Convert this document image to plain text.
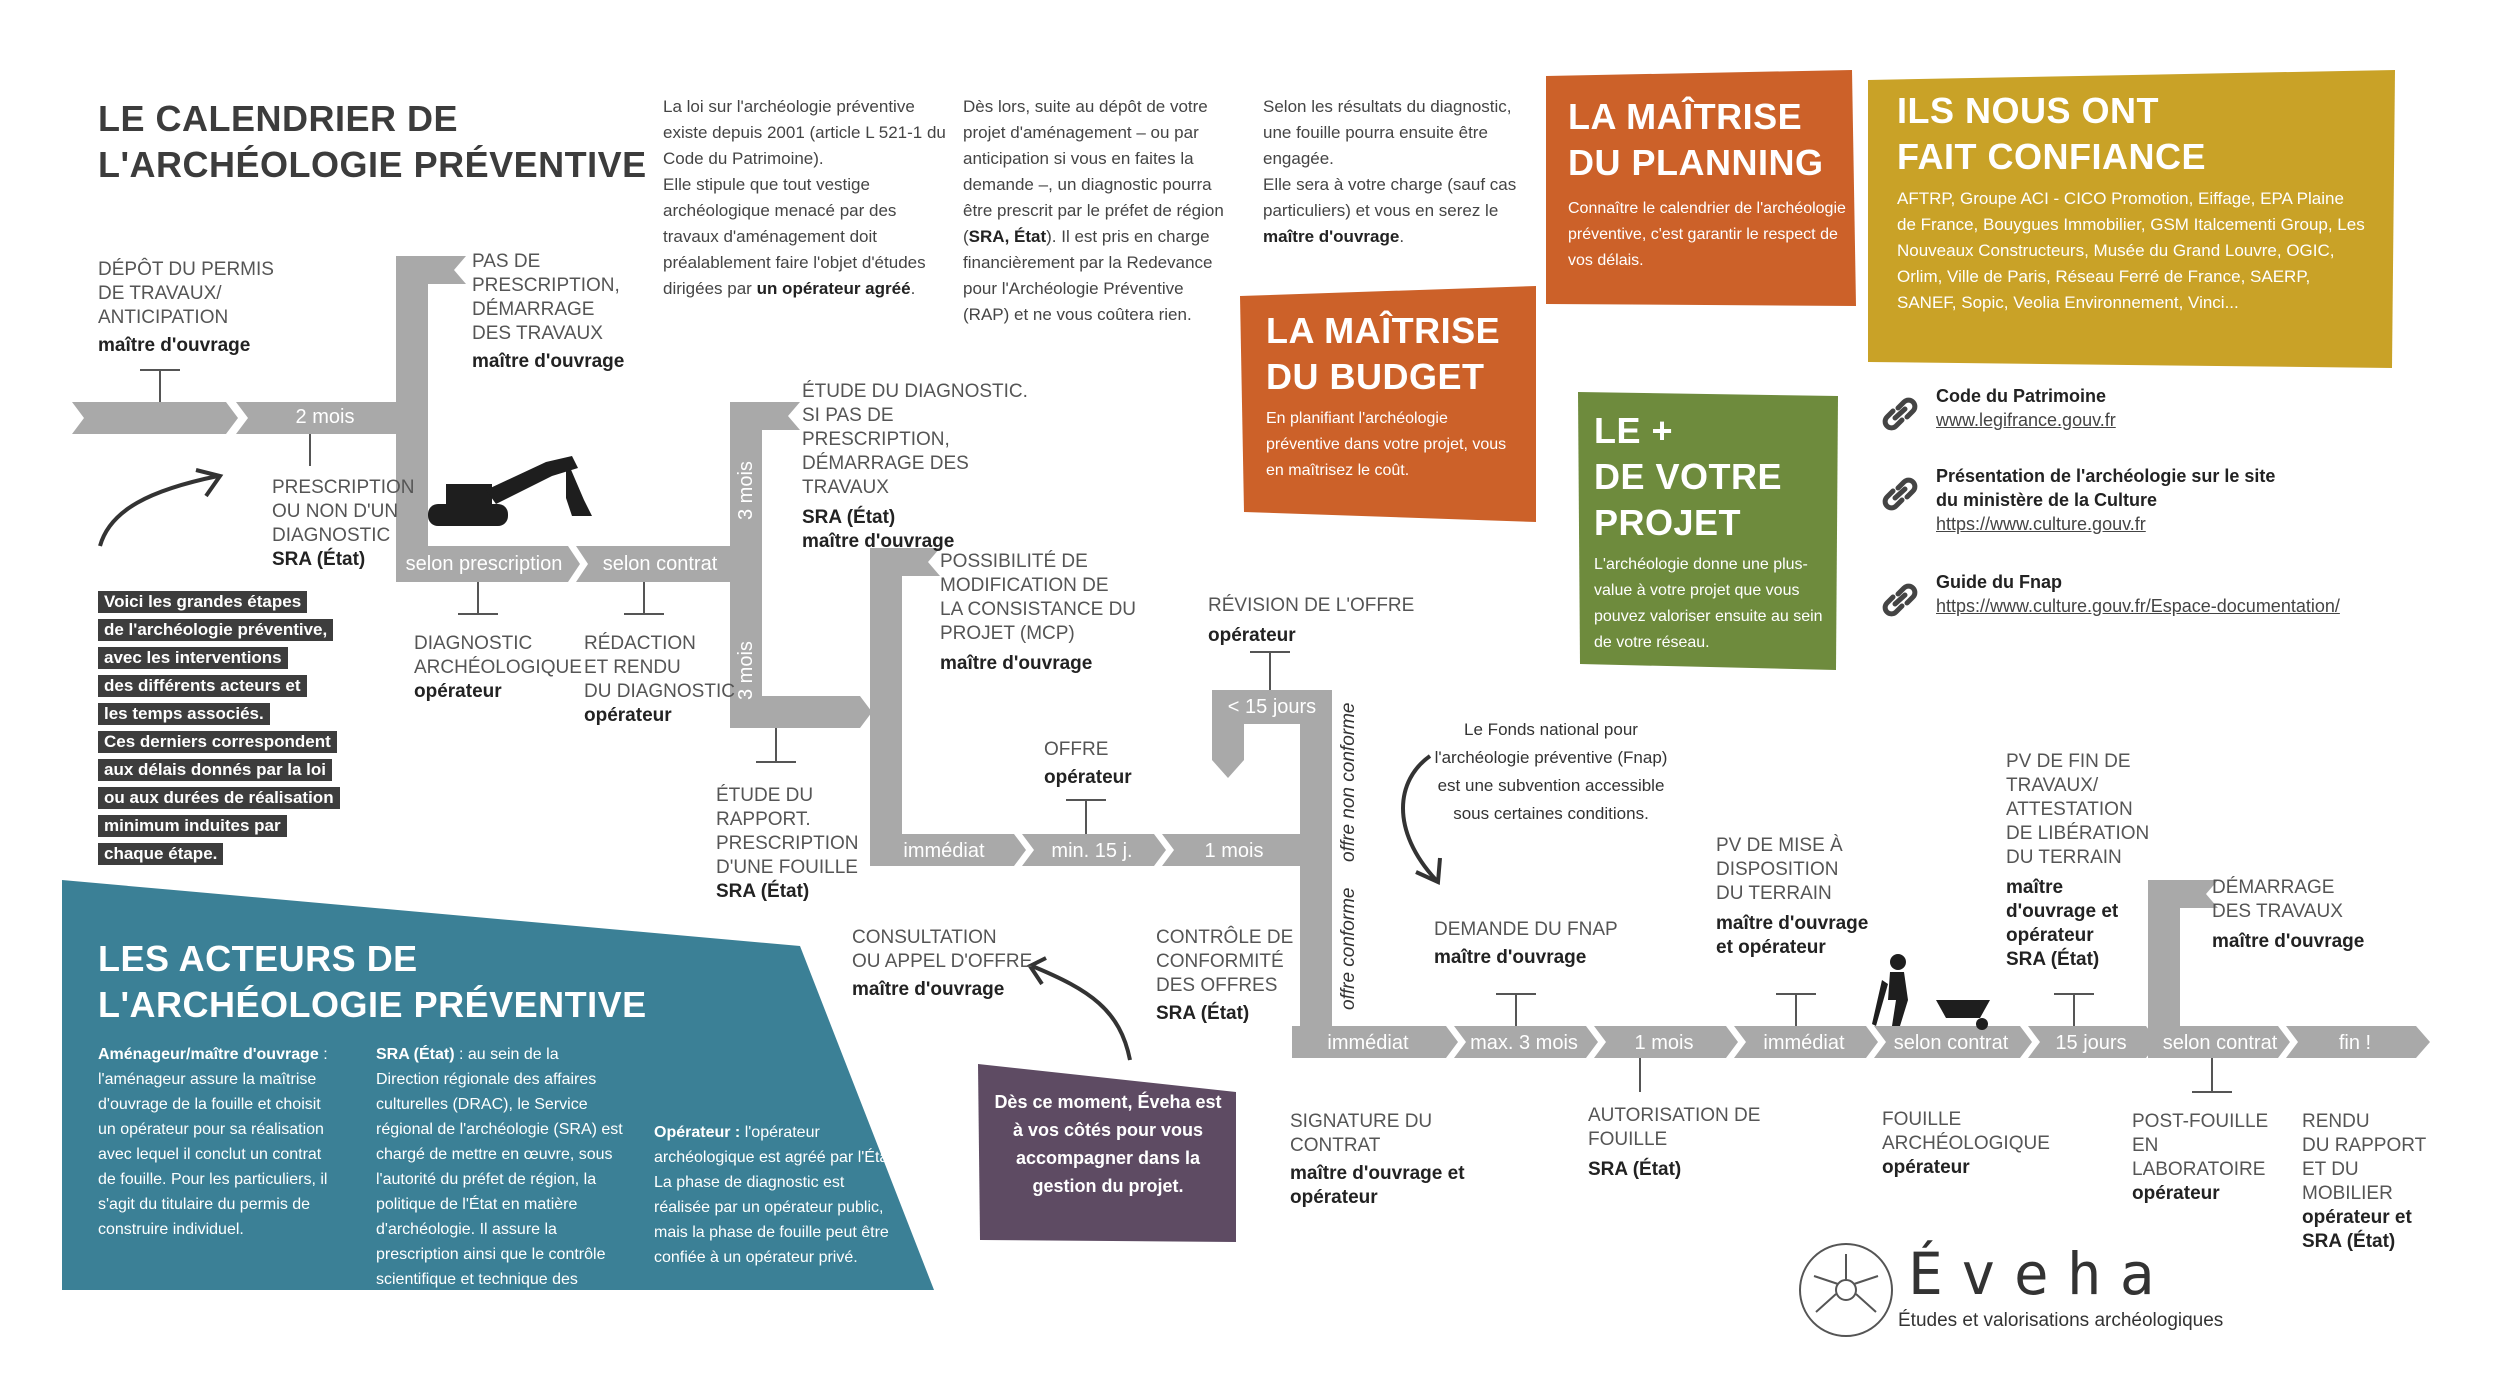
LE CALENDRIER DE
L'ARCHÉOLOGIE PRÉVENTIVE
La loi sur l'archéologie préventive existe depuis 2001 (article L 521-1 du Code du Patrimoine).
Elle stipule que tout vestige archéologique menacé par des travaux d'aménagement doit préalablement faire l'objet d'études dirigées par un opérateur agréé.
Dès lors, suite au dépôt de votre projet d'aménagement – ou par anticipation si vous en faites la demande –, un diagnostic pourra être prescrit par le préfet de région (SRA, État). Il est pris en charge financièrement par la Redevance pour l'Archéologie Préventive (RAP) et ne vous coûtera rien.
Selon les résultats du diagnostic, une fouille pourra ensuite être engagée.
Elle sera à votre charge (sauf cas particuliers) et vous en serez le maître d'ouvrage.
LA MAÎTRISE
DU PLANNING
Connaître le calendrier de l'archéologie préventive, c'est garantir le respect de vos délais.
ILS NOUS ONT
FAIT CONFIANCE
AFTRP, Groupe ACI - CICO Promotion, Eiffage, EPA Plaine de France, Bouygues Immobilier, GSM Italcementi Group, Les Nouveaux Constructeurs, Musée du Grand Louvre, OGIC, Orlim, Ville de Paris, Réseau Ferré de France, SAERP, SANEF, Sopic, Veolia Environnement, Vinci...
LA MAÎTRISE
DU BUDGET
En planifiant l'archéologie préventive dans votre projet, vous en maîtrisez le coût.
LE +
DE VOTRE
PROJET
L'archéologie donne une plus-value à votre projet que vous pouvez valoriser ensuite au sein de votre réseau.
Code du Patrimoine
www.legifrance.gouv.fr
Présentation de l'archéologie sur le site
du ministère de la Culture
https://www.culture.gouv.fr
Guide du Fnap
https://www.culture.gouv.fr/Espace-documentation/
2 mois
selon prescription	selon contrat
3 mois
3 mois
immédiat	min. 15 j.	1 mois
< 15 jours	offre non conforme
offre conforme
immédiat	max. 3 mois	1 mois	immédiat	selon contrat	15 jours	selon contrat	fin !
DÉPÔT DU PERMIS
DE TRAVAUX/
ANTICIPATION
maître d'ouvrage
PAS DE
PRESCRIPTION,
DÉMARRAGE
DES TRAVAUX
maître d'ouvrage
PRESCRIPTION
OU NON D'UN
DIAGNOSTIC
SRA (État)
DIAGNOSTIC
ARCHÉOLOGIQUE
opérateur
RÉDACTION
ET RENDU
DU DIAGNOSTIC
opérateur
ÉTUDE DU DIAGNOSTIC.
SI PAS DE PRESCRIPTION,
DÉMARRAGE DES
TRAVAUX
SRA (État)
maître d'ouvrage
ÉTUDE DU
RAPPORT.
PRESCRIPTION
D'UNE FOUILLE
SRA (État)
POSSIBILITÉ DE
MODIFICATION DE
LA CONSISTANCE DU
PROJET (MCP)
maître d'ouvrage
CONSULTATION
OU APPEL D'OFFRE
maître d'ouvrage
OFFRE
opérateur
CONTRÔLE DE
CONFORMITÉ
DES OFFRES
SRA (État)
RÉVISION DE L'OFFRE
opérateur
Le Fonds national pour l'archéologie préventive (Fnap) est une subvention accessible sous certaines conditions.
DEMANDE DU FNAP
maître d'ouvrage
SIGNATURE DU
CONTRAT
maître d'ouvrage et
opérateur
AUTORISATION DE
FOUILLE
SRA (État)
PV DE MISE À
DISPOSITION
DU TERRAIN
maître d'ouvrage
et opérateur
FOUILLE
ARCHÉOLOGIQUE
opérateur
PV DE FIN DE
TRAVAUX/
ATTESTATION
DE LIBÉRATION
DU TERRAIN
maître
d'ouvrage et
opérateur
SRA (État)
DÉMARRAGE
DES TRAVAUX
maître d'ouvrage
POST-FOUILLE
EN LABORATOIRE
opérateur
RENDU
DU RAPPORT
ET DU
MOBILIER
opérateur et
SRA (État)
Voici les grandes étapes
de l'archéologie préventive,
avec les interventions
des différents acteurs et
les temps associés.
Ces derniers correspondent
aux délais donnés par la loi
ou aux durées de réalisation
minimum induites par
chaque étape.
LES ACTEURS DE
L'ARCHÉOLOGIE PRÉVENTIVE
Aménageur/maître d'ouvrage : l'aménageur assure la maîtrise d'ouvrage de la fouille et choisit un opérateur pour sa réalisation avec lequel il conclut un contrat de fouille. Pour les particuliers, il s'agit du titulaire du permis de construire individuel.
SRA (État) : au sein de la Direction régionale des affaires culturelles (DRAC), le Service régional de l'archéologie (SRA) est chargé de mettre en œuvre, sous l'autorité du préfet de région, la politique de l'État en matière d'archéologie. Il assure la prescription ainsi que le contrôle scientifique et technique des diagnostics et des fouilles.
Opérateur : l'opérateur archéologique est agréé par l'État. La phase de diagnostic est réalisée par un opérateur public, mais la phase de fouille peut être confiée à un opérateur privé.
Dès ce moment, Éveha est à vos côtés pour vous accompagner dans la gestion du projet.
Éveha
Études et valorisations archéologiques
